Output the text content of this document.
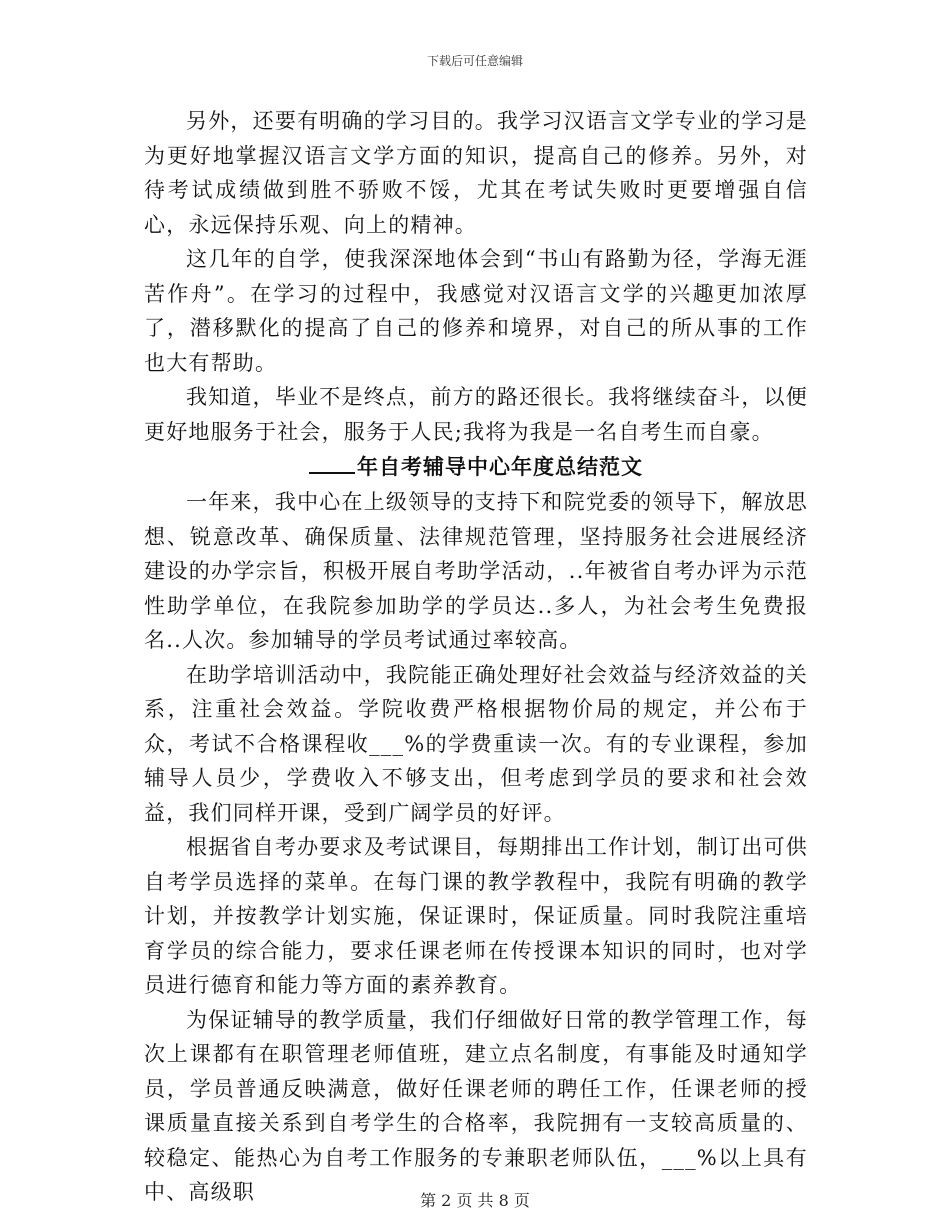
下载后可任意编辑

另外，还要有明确的学习目的。我学习汉语言文学专业的学习是为更好地掌握汉语言文学方面的知识，提高自己的修养。另外，对待考试成绩做到胜不骄败不馁，尤其在考试失败时更要增强自信心，永远保持乐观、向上的精神。

这几年的自学，使我深深地体会到“书山有路勤为径，学海无涯苦作舟”。在学习的过程中，我感觉对汉语言文学的兴趣更加浓厚了，潜移默化的提高了自己的修养和境界，对自己的所从事的工作也大有帮助。

我知道，毕业不是终点，前方的路还很长。我将继续奋斗，以便更好地服务于社会，服务于人民;我将为我是一名自考生而自豪。

年自考辅导中心年度总结范文

一年来，我中心在上级领导的支持下和院党委的领导下，解放思想、锐意改革、确保质量、法律规范管理，坚持服务社会进展经济建设的办学宗旨，积极开展自考助学活动，..年被省自考办评为示范性助学单位，在我院参加助学的学员达..多人，为社会考生免费报名..人次。参加辅导的学员考试通过率较高。

在助学培训活动中，我院能正确处理好社会效益与经济效益的关系，注重社会效益。学院收费严格根据物价局的规定，并公布于众，考试不合格课程收___%的学费重读一次。有的专业课程，参加辅导人员少，学费收入不够支出，但考虑到学员的要求和社会效益，我们同样开课，受到广阔学员的好评。

根据省自考办要求及考试课目，每期排出工作计划，制订出可供自考学员选择的菜单。在每门课的教学教程中，我院有明确的教学计划，并按教学计划实施，保证课时，保证质量。同时我院注重培育学员的综合能力，要求任课老师在传授课本知识的同时，也对学员进行德育和能力等方面的素养教育。

为保证辅导的教学质量，我们仔细做好日常的教学管理工作，每次上课都有在职管理老师值班，建立点名制度，有事能及时通知学员，学员普通反映满意，做好任课老师的聘任工作，任课老师的授课质量直接关系到自考学生的合格率，我院拥有一支较高质量的、较稳定、能热心为自考工作服务的专兼职老师队伍，___%以上具有中、高级职	第 2 页 共 8 页
